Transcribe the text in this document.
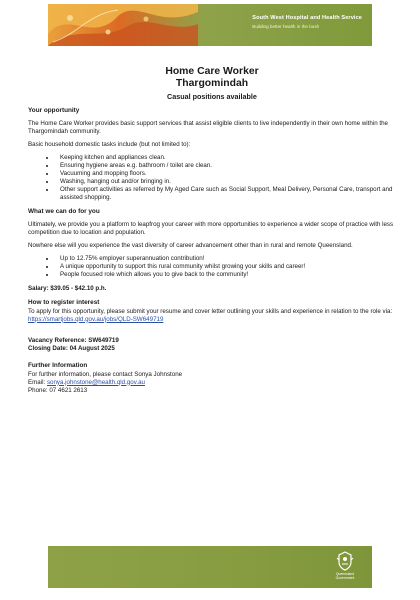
South West Hospital and Health Service
Building better health in the bush
Home Care Worker
Thargomindah
Casual positions available
Your opportunity

The Home Care Worker provides basic support services that assist eligible clients to live independently in their own home within the Thargomindah community.

Basic household domestic tasks include (but not limited to):

• Keeping kitchen and appliances clean.
• Ensuring hygiene areas e.g. bathroom / toilet are clean.
• Vacuuming and mopping floors.
• Washing, hanging out and/or bringing in.
• Other support activities as referred by My Aged Care such as Social Support, Meal Delivery, Personal Care, transport and assisted shopping.
What we can do for you

Ultimately, we provide you a platform to leapfrog your career with more opportunities to experience a wider scope of practice with less competition due to location and population.

Nowhere else will you experience the vast diversity of career advancement other than in rural and remote Queensland.

• Up to 12.75% employer superannuation contribution!
• A unique opportunity to support this rural community whilst growing your skills and career!
• People focused role which allows you to give back to the community!
Salary: $39.05 - $42.10 p.h.
How to register interest

To apply for this opportunity, please submit your resume and cover letter outlining your skills and experience in relation to the role via: https://smartjobs.qld.gov.au/jobs/QLD-SW649719

Vacancy Reference: SW649719

Closing Date: 04 August 2025

Further Information
For further information, please contact Sonya Johnstone
Email: sonya.johnstone@health.qld.gov.au
Phone: 07 4621 2613
Queensland Government
